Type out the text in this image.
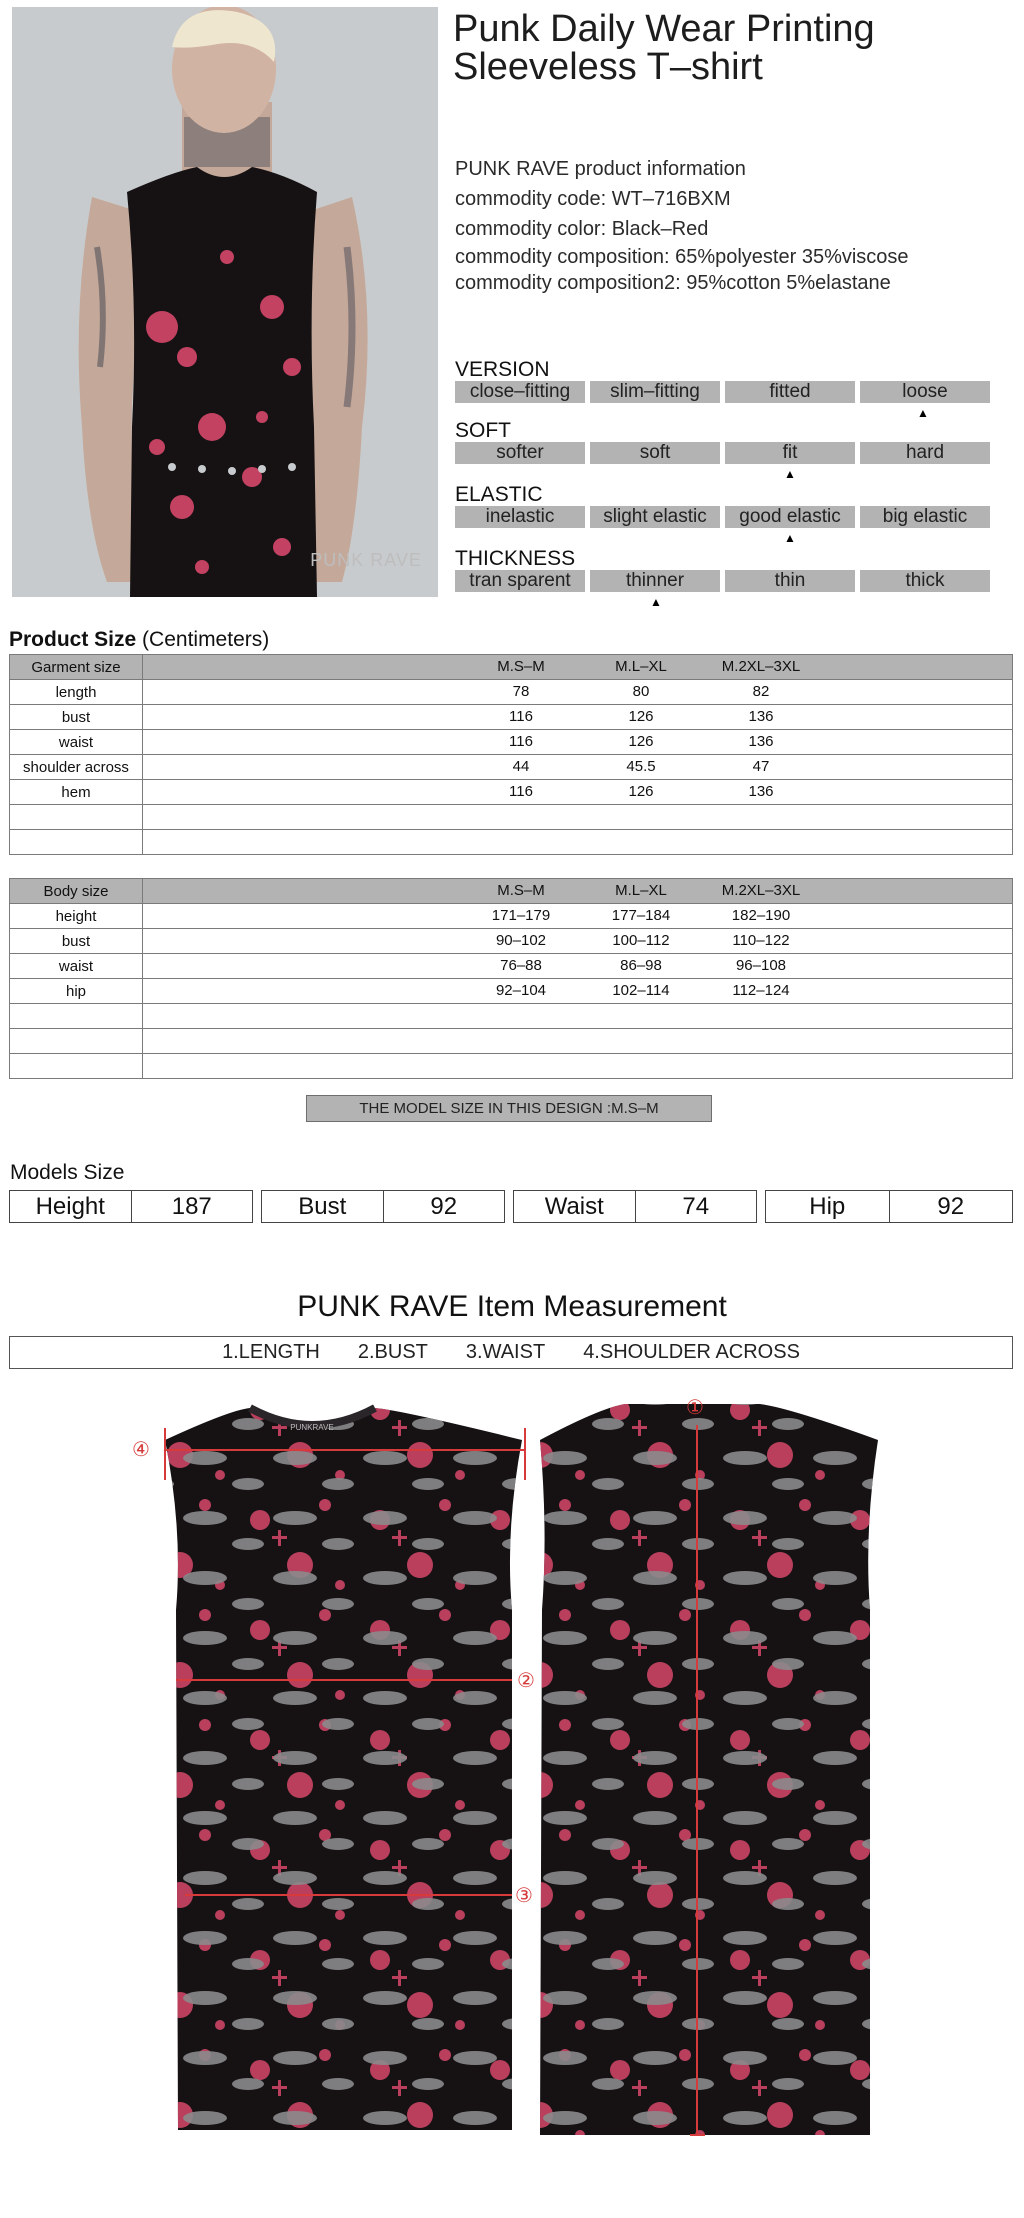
PUNK RAVE
Punk Daily Wear Printing
Sleeveless T–shirt
PUNK RAVE product information
commodity code: WT–716BXM
commodity color: Black–Red
commodity composition: 65%polyester 35%viscose
commodity composition2: 95%cotton 5%elastane
VERSION
close–fitting	slim–fitting	fitted	loose
▲
SOFT
softer	soft	fit	hard
▲
ELASTIC
inelastic	slight elastic	good elastic	big elastic
▲
THICKNESS
tran sparent	thinner	thin	thick
▲
Product Size (Centimeters)
Garment size	M.S–M M.L–XL M.2XL–3XL

length	78 80 82

bust	116 126 136

waist	116 126 136

shoulder across	44 45.5 47

hem	116 126 136

Body size	M.S–M M.L–XL M.2XL–3XL

height	171–179 177–184 182–190

bust	90–102 100–112 110–122

waist	76–88 86–98 96–108

hip	92–104 102–114 112–124

THE MODEL SIZE IN THIS DESIGN :M.S–M
Models Size
Height	187	Bust	92	Waist	74	Hip	92
PUNK RAVE Item Measurement
1.LENGTH 2.BUST 3.WAIST 4.SHOULDER ACROSS
PUNKRAVE
①
②
③
④
